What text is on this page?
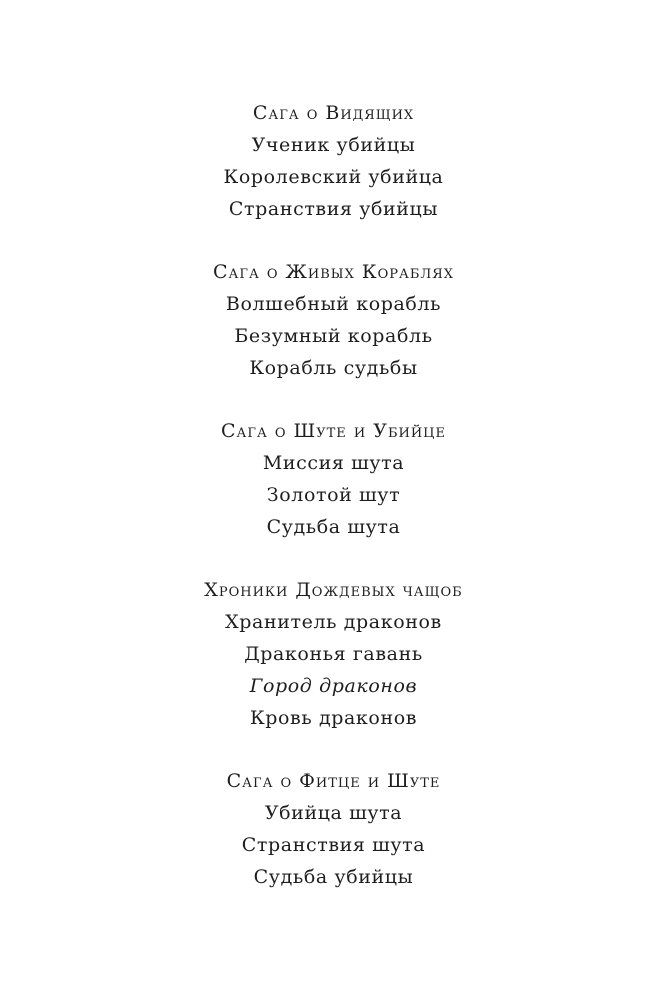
Сага о Видящих
Ученик убийцы
Королевский убийца
Странствия убийцы
Сага о Живых Кораблях
Волшебный корабль
Безумный корабль
Корабль судьбы
Сага о Шуте и Убийце
Миссия шута
Золотой шут
Судьба шута
Хроники Дождевых чащоб
Хранитель драконов
Драконья гавань
Город драконов
Кровь драконов
Сага о Фитце и Шуте
Убийца шута
Странствия шута
Судьба убийцы
